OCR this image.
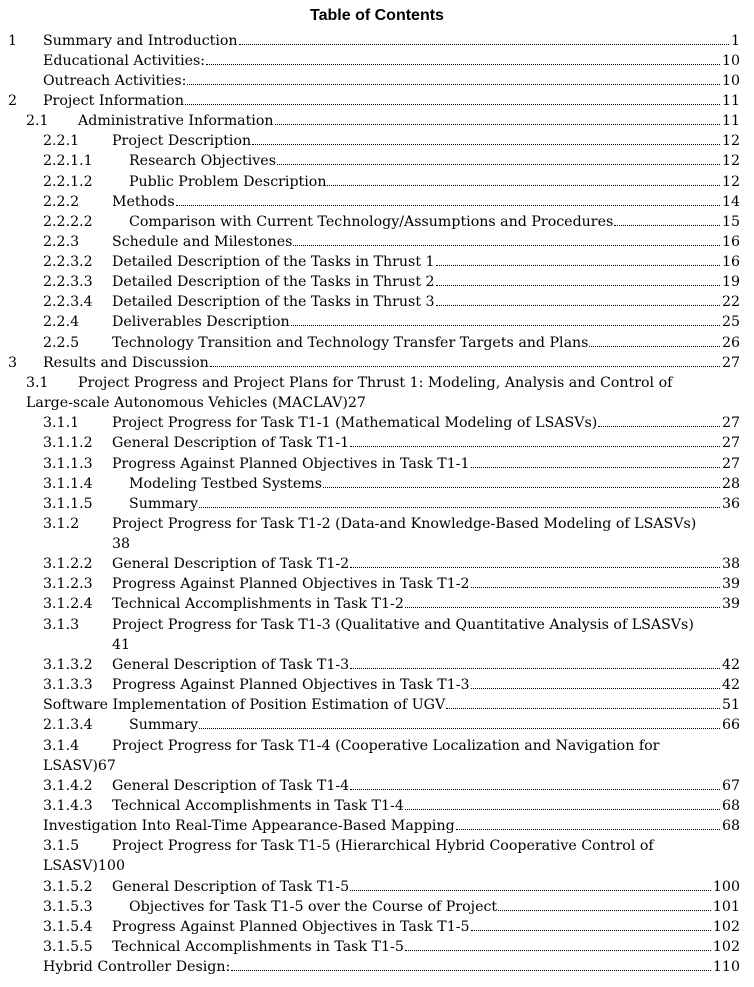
Table of Contents
1 Summary and Introduction	1
Educational Activities:	10
Outreach Activities:	10
2 Project Information	11
2.1 Administrative Information	11
2.2.1 Project Description	12
2.2.1.1	Research Objectives	12
2.2.1.2	Public Problem Description	12
2.2.2 Methods	14
2.2.2.2	Comparison with Current Technology/Assumptions and Procedures	15
2.2.3 Schedule and Milestones	16
2.2.3.2 Detailed Description of the Tasks in Thrust 1	16
2.2.3.3 Detailed Description of the Tasks in Thrust 2	19
2.2.3.4 Detailed Description of the Tasks in Thrust 3	22
2.2.4 Deliverables Description	25
2.2.5 Technology Transition and Technology Transfer Targets and Plans	26
3 Results and Discussion	27
3.1 Project Progress and Project Plans for Thrust 1: Modeling, Analysis and Control of
Large-scale Autonomous Vehicles (MACLAV) 27
3.1.1 Project Progress for Task T1-1 (Mathematical Modeling of LSASVs)	27
3.1.1.2 General Description of Task T1-1	27
3.1.1.3 Progress Against Planned Objectives in Task T1-1	27
3.1.1.4	Modeling Testbed Systems	28
3.1.1.5	Summary	36
3.1.2 Project Progress for Task T1-2 (Data-and Knowledge-Based Modeling of LSASVs)
38
3.1.2.2 General Description of Task T1-2	38
3.1.2.3 Progress Against Planned Objectives in Task T1-2	39
3.1.2.4 Technical Accomplishments in Task T1-2	39
3.1.3 Project Progress for Task T1-3 (Qualitative and Quantitative Analysis of LSASVs)
41
3.1.3.2 General Description of Task T1-3	42
3.1.3.3 Progress Against Planned Objectives in Task T1-3	42
Software Implementation of Position Estimation of UGV	51
2.1.3.4	Summary	66
3.1.4 Project Progress for Task T1-4 (Cooperative Localization and Navigation for
LSASV) 67
3.1.4.2 General Description of Task T1-4	67
3.1.4.3 Technical Accomplishments in Task T1-4	68
Investigation Into Real-Time Appearance-Based Mapping	68
3.1.5 Project Progress for Task T1-5 (Hierarchical Hybrid Cooperative Control of
LSASV) 100
3.1.5.2 General Description of Task T1-5	100
3.1.5.3	Objectives for Task T1-5 over the Course of Project	101
3.1.5.4 Progress Against Planned Objectives in Task T1-5	102
3.1.5.5 Technical Accomplishments in Task T1-5	102
Hybrid Controller Design:	110
